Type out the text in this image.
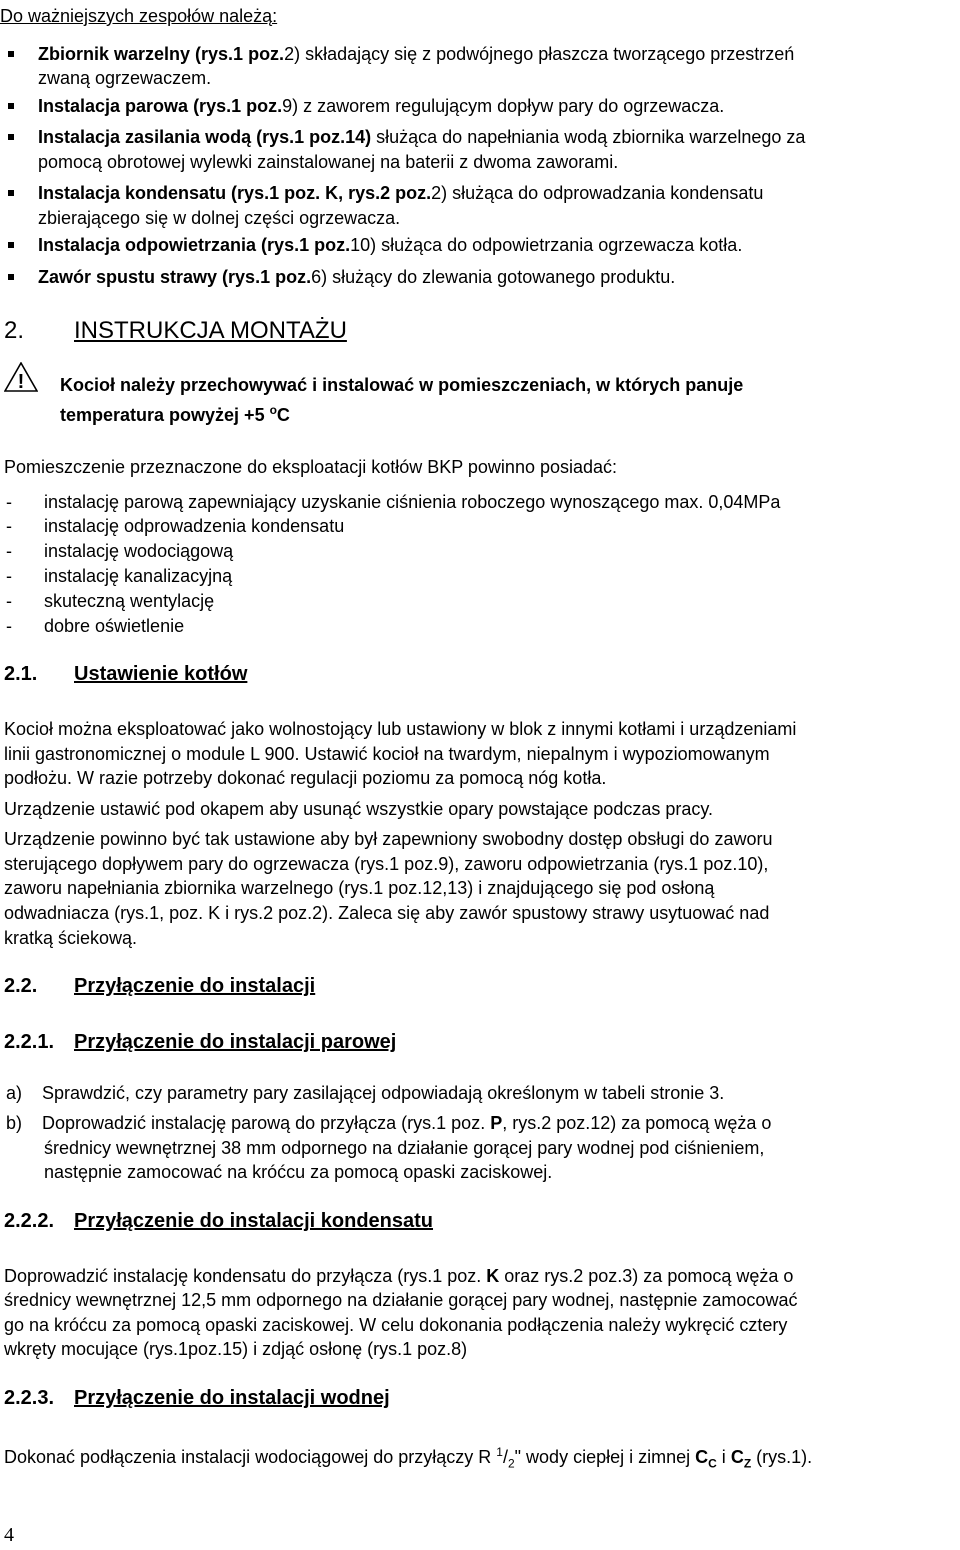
Do ważniejszych zespołów należą:
Zbiornik warzelny (rys.1 poz.2) składający się z podwójnego płaszcza tworzącego przestrzeń
zwaną ogrzewaczem.
Instalacja parowa (rys.1 poz.9) z zaworem regulującym dopływ pary do ogrzewacza.
Instalacja zasilania wodą (rys.1 poz.14) służąca do napełniania wodą zbiornika warzelnego za
pomocą obrotowej wylewki zainstalowanej na baterii z dwoma zaworami.
Instalacja kondensatu (rys.1 poz. K, rys.2 poz.2) służąca do odprowadzania kondensatu
zbierającego się w dolnej części ogrzewacza.
Instalacja odpowietrzania (rys.1 poz.10) służąca do odpowietrzania ogrzewacza kotła.
Zawór spustu strawy (rys.1 poz.6) służący do zlewania gotowanego produktu.
2. INSTRUKCJA MONTAŻU
! Kocioł należy przechowywać i instalować w pomieszczeniach, w których panuje
temperatura powyżej +5 $^o$C
Pomieszczenie przeznaczone do eksploatacji kotłów BKP powinno posiadać:
- instalację parową zapewniający uzyskanie ciśnienia roboczego wynoszącego max. 0,04MPa
- instalację odprowadzenia kondensatu
- instalację wodociągową
- instalację kanalizacyjną
- skuteczną wentylację
- dobre oświetlenie
2.1. Ustawienie kotłów
Kocioł można eksploatować jako wolnostojący lub ustawiony w blok z innymi kotłami i urządzeniami
linii gastronomicznej o module L 900. Ustawić kocioł na twardym, niepalnym i wypoziomowanym
podłożu. W razie potrzeby dokonać regulacji poziomu za pomocą nóg kotła.
Urządzenie ustawić pod okapem aby usunąć wszystkie opary powstające podczas pracy.
Urządzenie powinno być tak ustawione aby był zapewniony swobodny dostęp obsługi do zaworu
sterującego dopływem pary do ogrzewacza (rys.1 poz.9), zaworu odpowietrzania (rys.1 poz.10),
zaworu napełniania zbiornika warzelnego (rys.1 poz.12,13) i znajdującego się pod osłoną
odwadniacza (rys.1, poz. K i rys.2 poz.2). Zaleca się aby zawór spustowy strawy usytuować nad
kratką ściekową.
2.2. Przyłączenie do instalacji
2.2.1. Przyłączenie do instalacji parowej
a) Sprawdzić, czy parametry pary zasilającej odpowiadają określonym w tabeli stronie 3.
b) Doprowadzić instalację parową do przyłącza (rys.1 poz. P, rys.2 poz.12) za pomocą węża o
średnicy wewnętrznej 38 mm odpornego na działanie gorącej pary wodnej pod ciśnieniem,
następnie zamocować na króćcu za pomocą opaski zaciskowej.
2.2.2. Przyłączenie do instalacji kondensatu
Doprowadzić instalację kondensatu do przyłącza (rys.1 poz. K oraz rys.2 poz.3) za pomocą węża o
średnicy wewnętrznej 12,5 mm odpornego na działanie gorącej pary wodnej, następnie zamocować
go na króćcu za pomocą opaski zaciskowej. W celu dokonania podłączenia należy wykręcić cztery
wkręty mocujące (rys.1poz.15) i zdjąć osłonę (rys.1 poz.8)
2.2.3. Przyłączenie do instalacji wodnej
Dokonać podłączenia instalacji wodociągowej do przyłączy R $^1/_2$" wody ciepłej i zimnej $C_C$ i $C_Z$ (rys.1).
4
